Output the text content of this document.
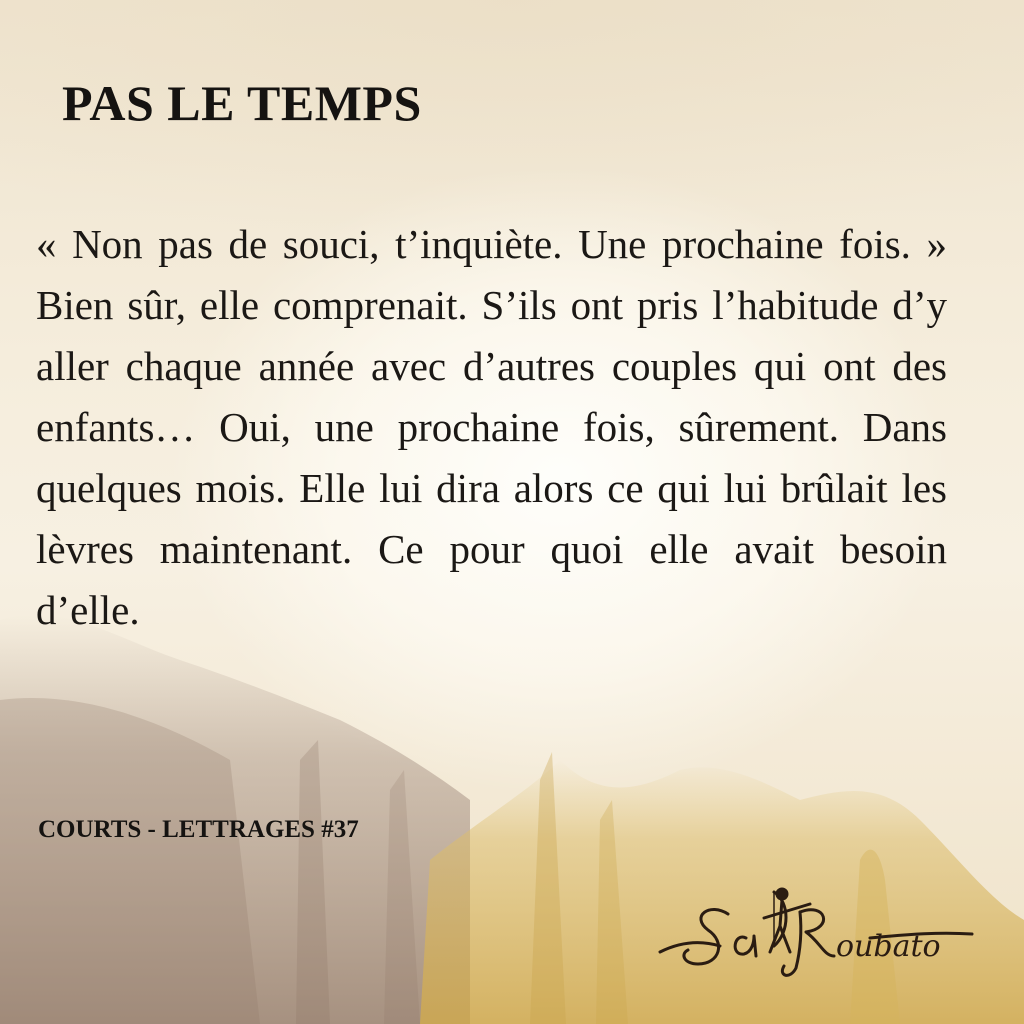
PAS LE TEMPS

« Non pas de souci, t’inquiète. Une prochaine fois. » Bien sûr, elle comprenait. S’ils ont pris l’habitude d’y aller chaque année avec d’autres couples qui ont des enfants… Oui, une prochaine fois, sûrement. Dans quelques mois. Elle lui dira alors ce qui lui brûlait les lèvres maintenant. Ce pour quoi elle avait besoin d’elle.

COURTS - LETTRAGES #37
oubato
